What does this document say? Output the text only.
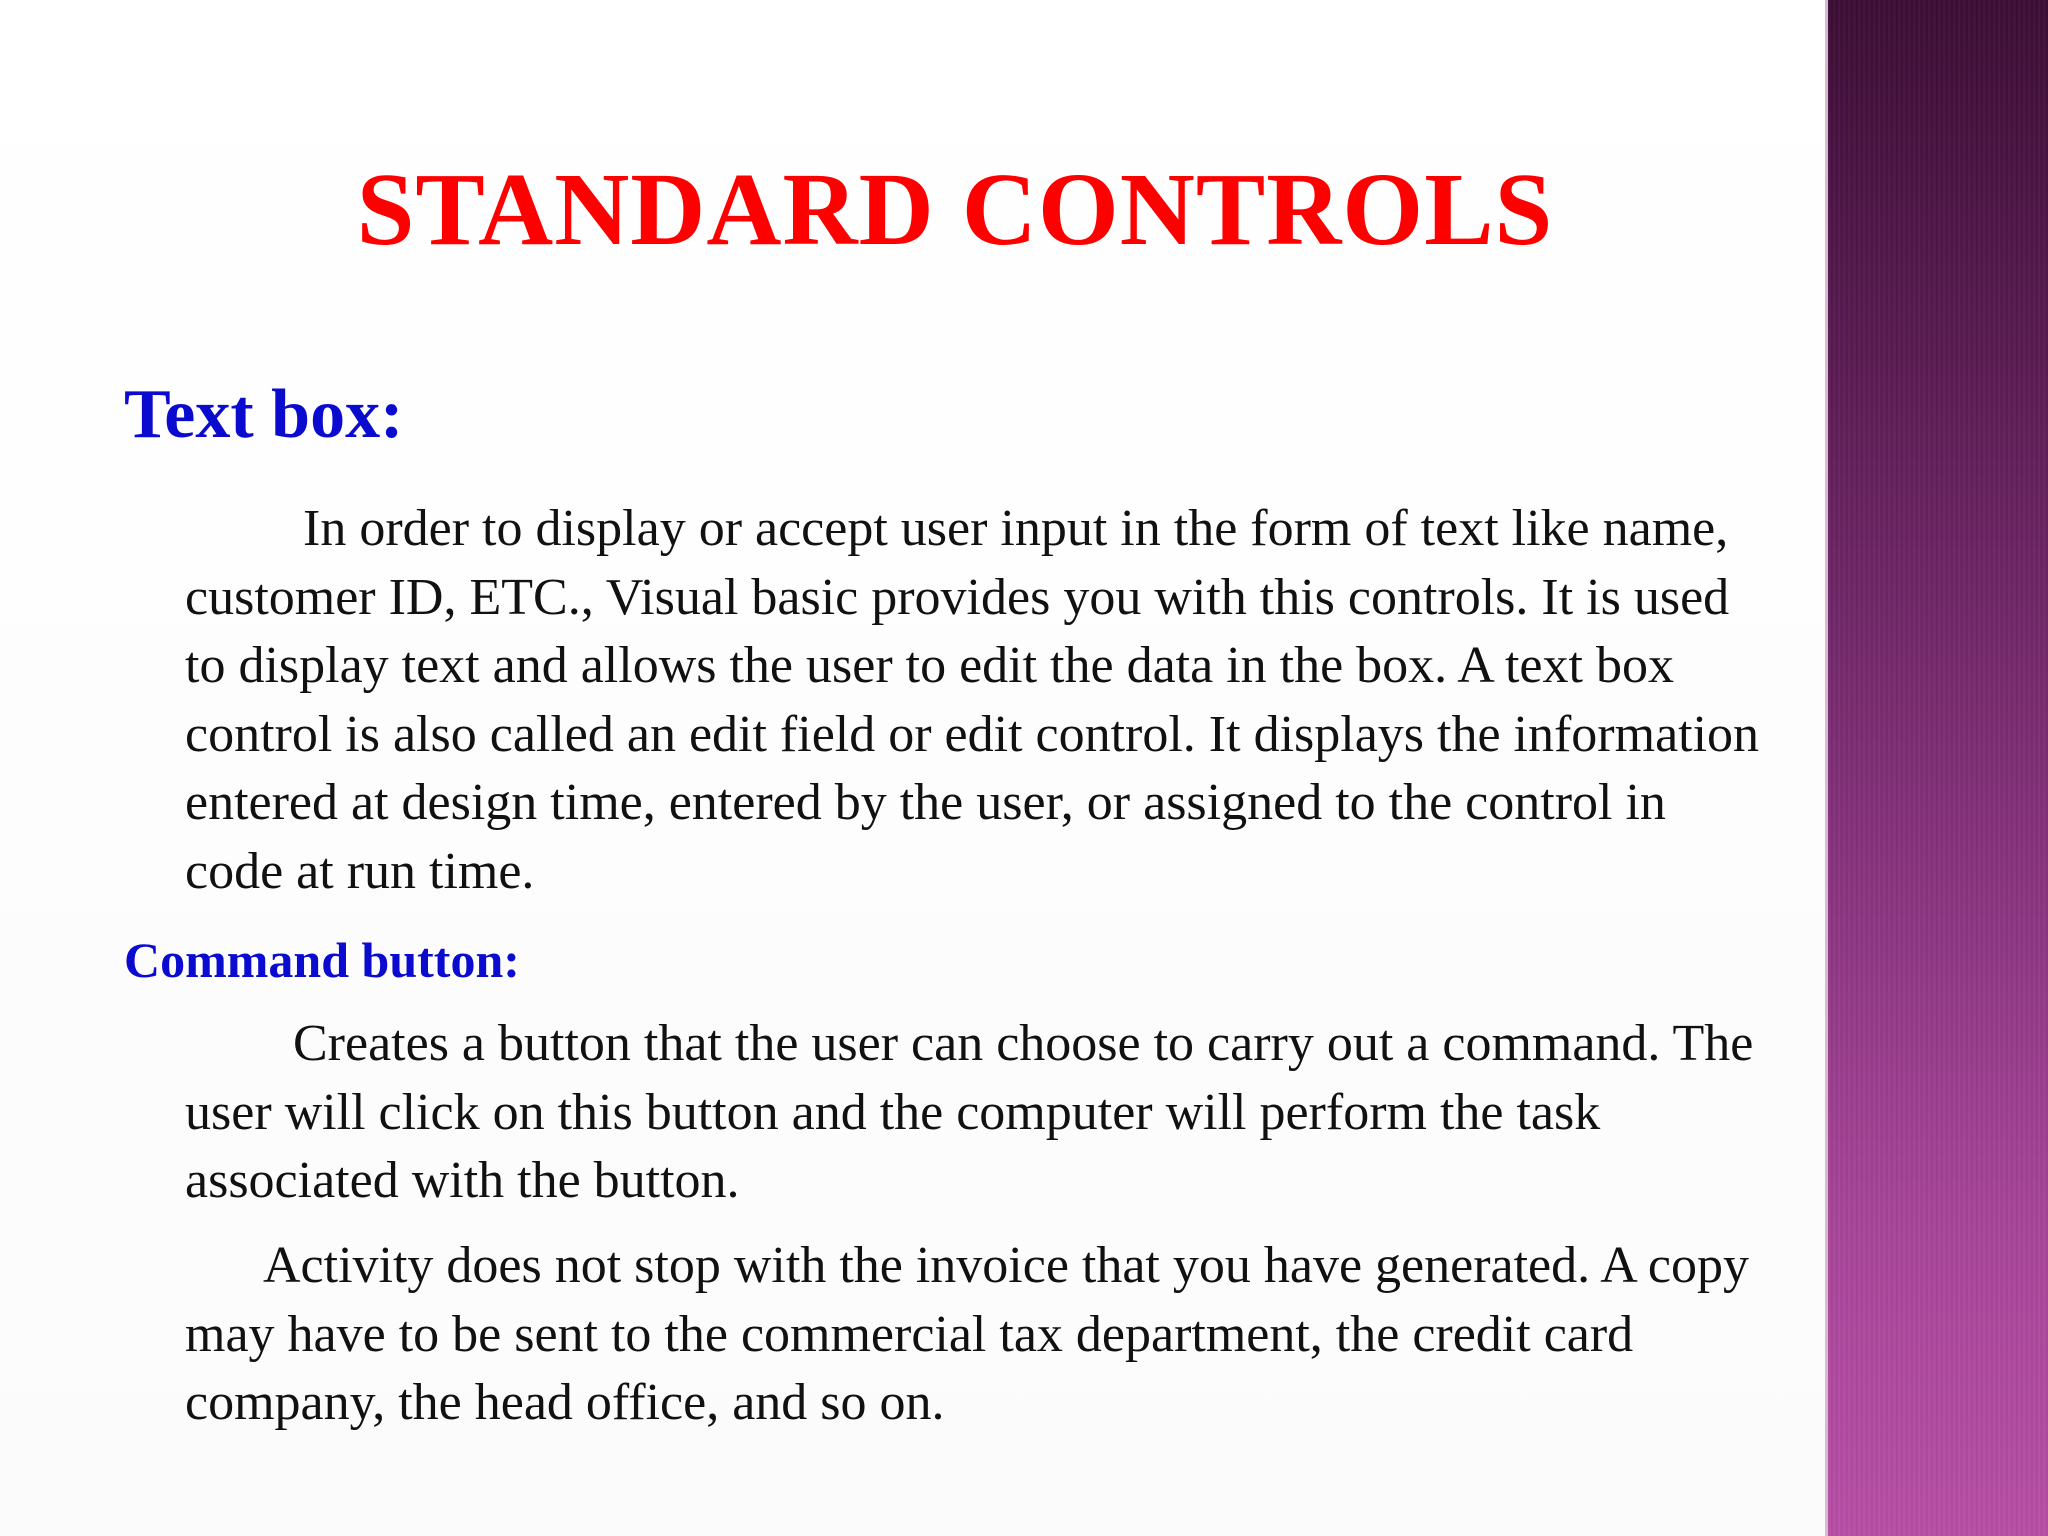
STANDARD CONTROLS
Text box:

In order to display or accept user input in the form of text like name, customer ID, ETC., Visual basic provides you with this controls. It is used to display text and allows the user to edit the data in the box. A text box control is also called an edit field or edit control. It displays the information entered at design time, entered by the user, or assigned to the control in code at run time.

Command button:

Creates a button that the user can choose to carry out a command. The user will click on this button and the computer will perform the task associated with the button.

Activity does not stop with the invoice that you have generated. A copy may have to be sent to the commercial tax department, the credit card company, the head office, and so on.
